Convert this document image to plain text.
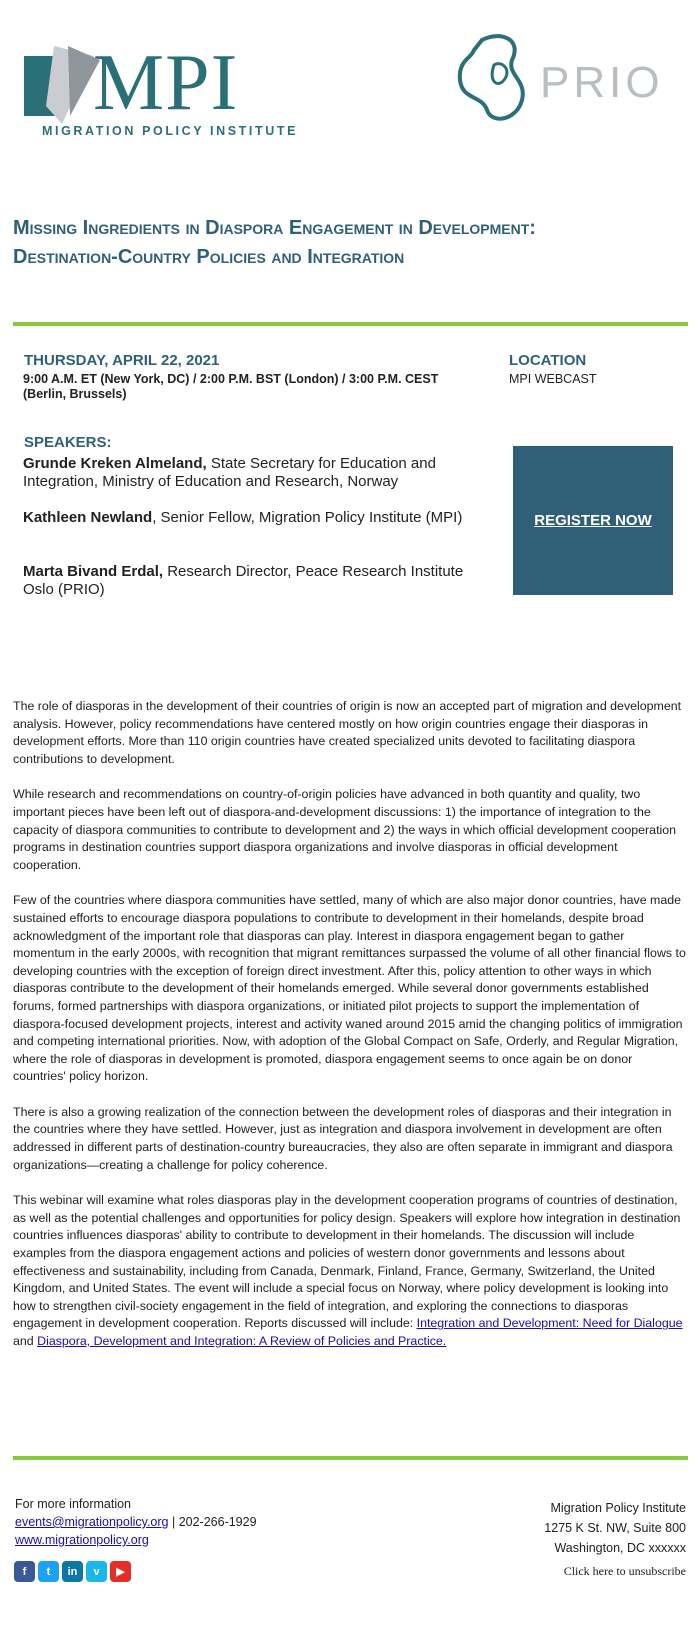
MPI
MIGRATION POLICY INSTITUTE
PRIO
Missing Ingredients in Diaspora Engagement in Development: Destination-Country Policies and Integration
THURSDAY, APRIL 22, 2021
9:00 A.M. ET (New York, DC) / 2:00 P.M. BST (London) / 3:00 P.M. CEST (Berlin, Brussels)
LOCATION
MPI WEBCAST
SPEAKERS:
Grunde Kreken Almeland, State Secretary for Education and Integration, Ministry of Education and Research, Norway
Kathleen Newland, Senior Fellow, Migration Policy Institute (MPI)
Marta Bivand Erdal, Research Director, Peace Research Institute Oslo (PRIO)
REGISTER NOW

The role of diasporas in the development of their countries of origin is now an accepted part of migration and development analysis. However, policy recommendations have centered mostly on how origin countries engage their diasporas in development efforts. More than 110 origin countries have created specialized units devoted to facilitating diaspora contributions to development.

While research and recommendations on country-of-origin policies have advanced in both quantity and quality, two important pieces have been left out of diaspora-and-development discussions: 1) the importance of integration to the capacity of diaspora communities to contribute to development and 2) the ways in which official development cooperation programs in destination countries support diaspora organizations and involve diasporas in official development cooperation.

Few of the countries where diaspora communities have settled, many of which are also major donor countries, have made sustained efforts to encourage diaspora populations to contribute to development in their homelands, despite broad acknowledgment of the important role that diasporas can play. Interest in diaspora engagement began to gather momentum in the early 2000s, with recognition that migrant remittances surpassed the volume of all other financial flows to developing countries with the exception of foreign direct investment. After this, policy attention to other ways in which diasporas contribute to the development of their homelands emerged. While several donor governments established forums, formed partnerships with diaspora organizations, or initiated pilot projects to support the implementation of diaspora-focused development projects, interest and activity waned around 2015 amid the changing politics of immigration and competing international priorities. Now, with adoption of the Global Compact on Safe, Orderly, and Regular Migration, where the role of diasporas in development is promoted, diaspora engagement seems to once again be on donor countries' policy horizon.

There is also a growing realization of the connection between the development roles of diasporas and their integration in the countries where they have settled. However, just as integration and diaspora involvement in development are often addressed in different parts of destination-country bureaucracies, they also are often separate in immigrant and diaspora organizations—creating a challenge for policy coherence.

This webinar will examine what roles diasporas play in the development cooperation programs of countries of destination, as well as the potential challenges and opportunities for policy design. Speakers will explore how integration in destination countries influences diasporas' ability to contribute to development in their homelands. The discussion will include examples from the diaspora engagement actions and policies of western donor governments and lessons about effectiveness and sustainability, including from Canada, Denmark, Finland, France, Germany, Switzerland, the United Kingdom, and United States. The event will include a special focus on Norway, where policy development is looking into how to strengthen civil-society engagement in the field of integration, and exploring the connections to diasporas engagement in development cooperation. Reports discussed will include: Integration and Development: Need for Dialogue and Diaspora, Development and Integration: A Review of Policies and Practice.

For more information
events@migrationpolicy.org | 202-266-1929
www.migrationpolicy.org
Migration Policy Institute
1275 K St. NW, Suite 800
Washington, DC xxxxxx
f	t	in	v	▶	Click here to unsubscribe
